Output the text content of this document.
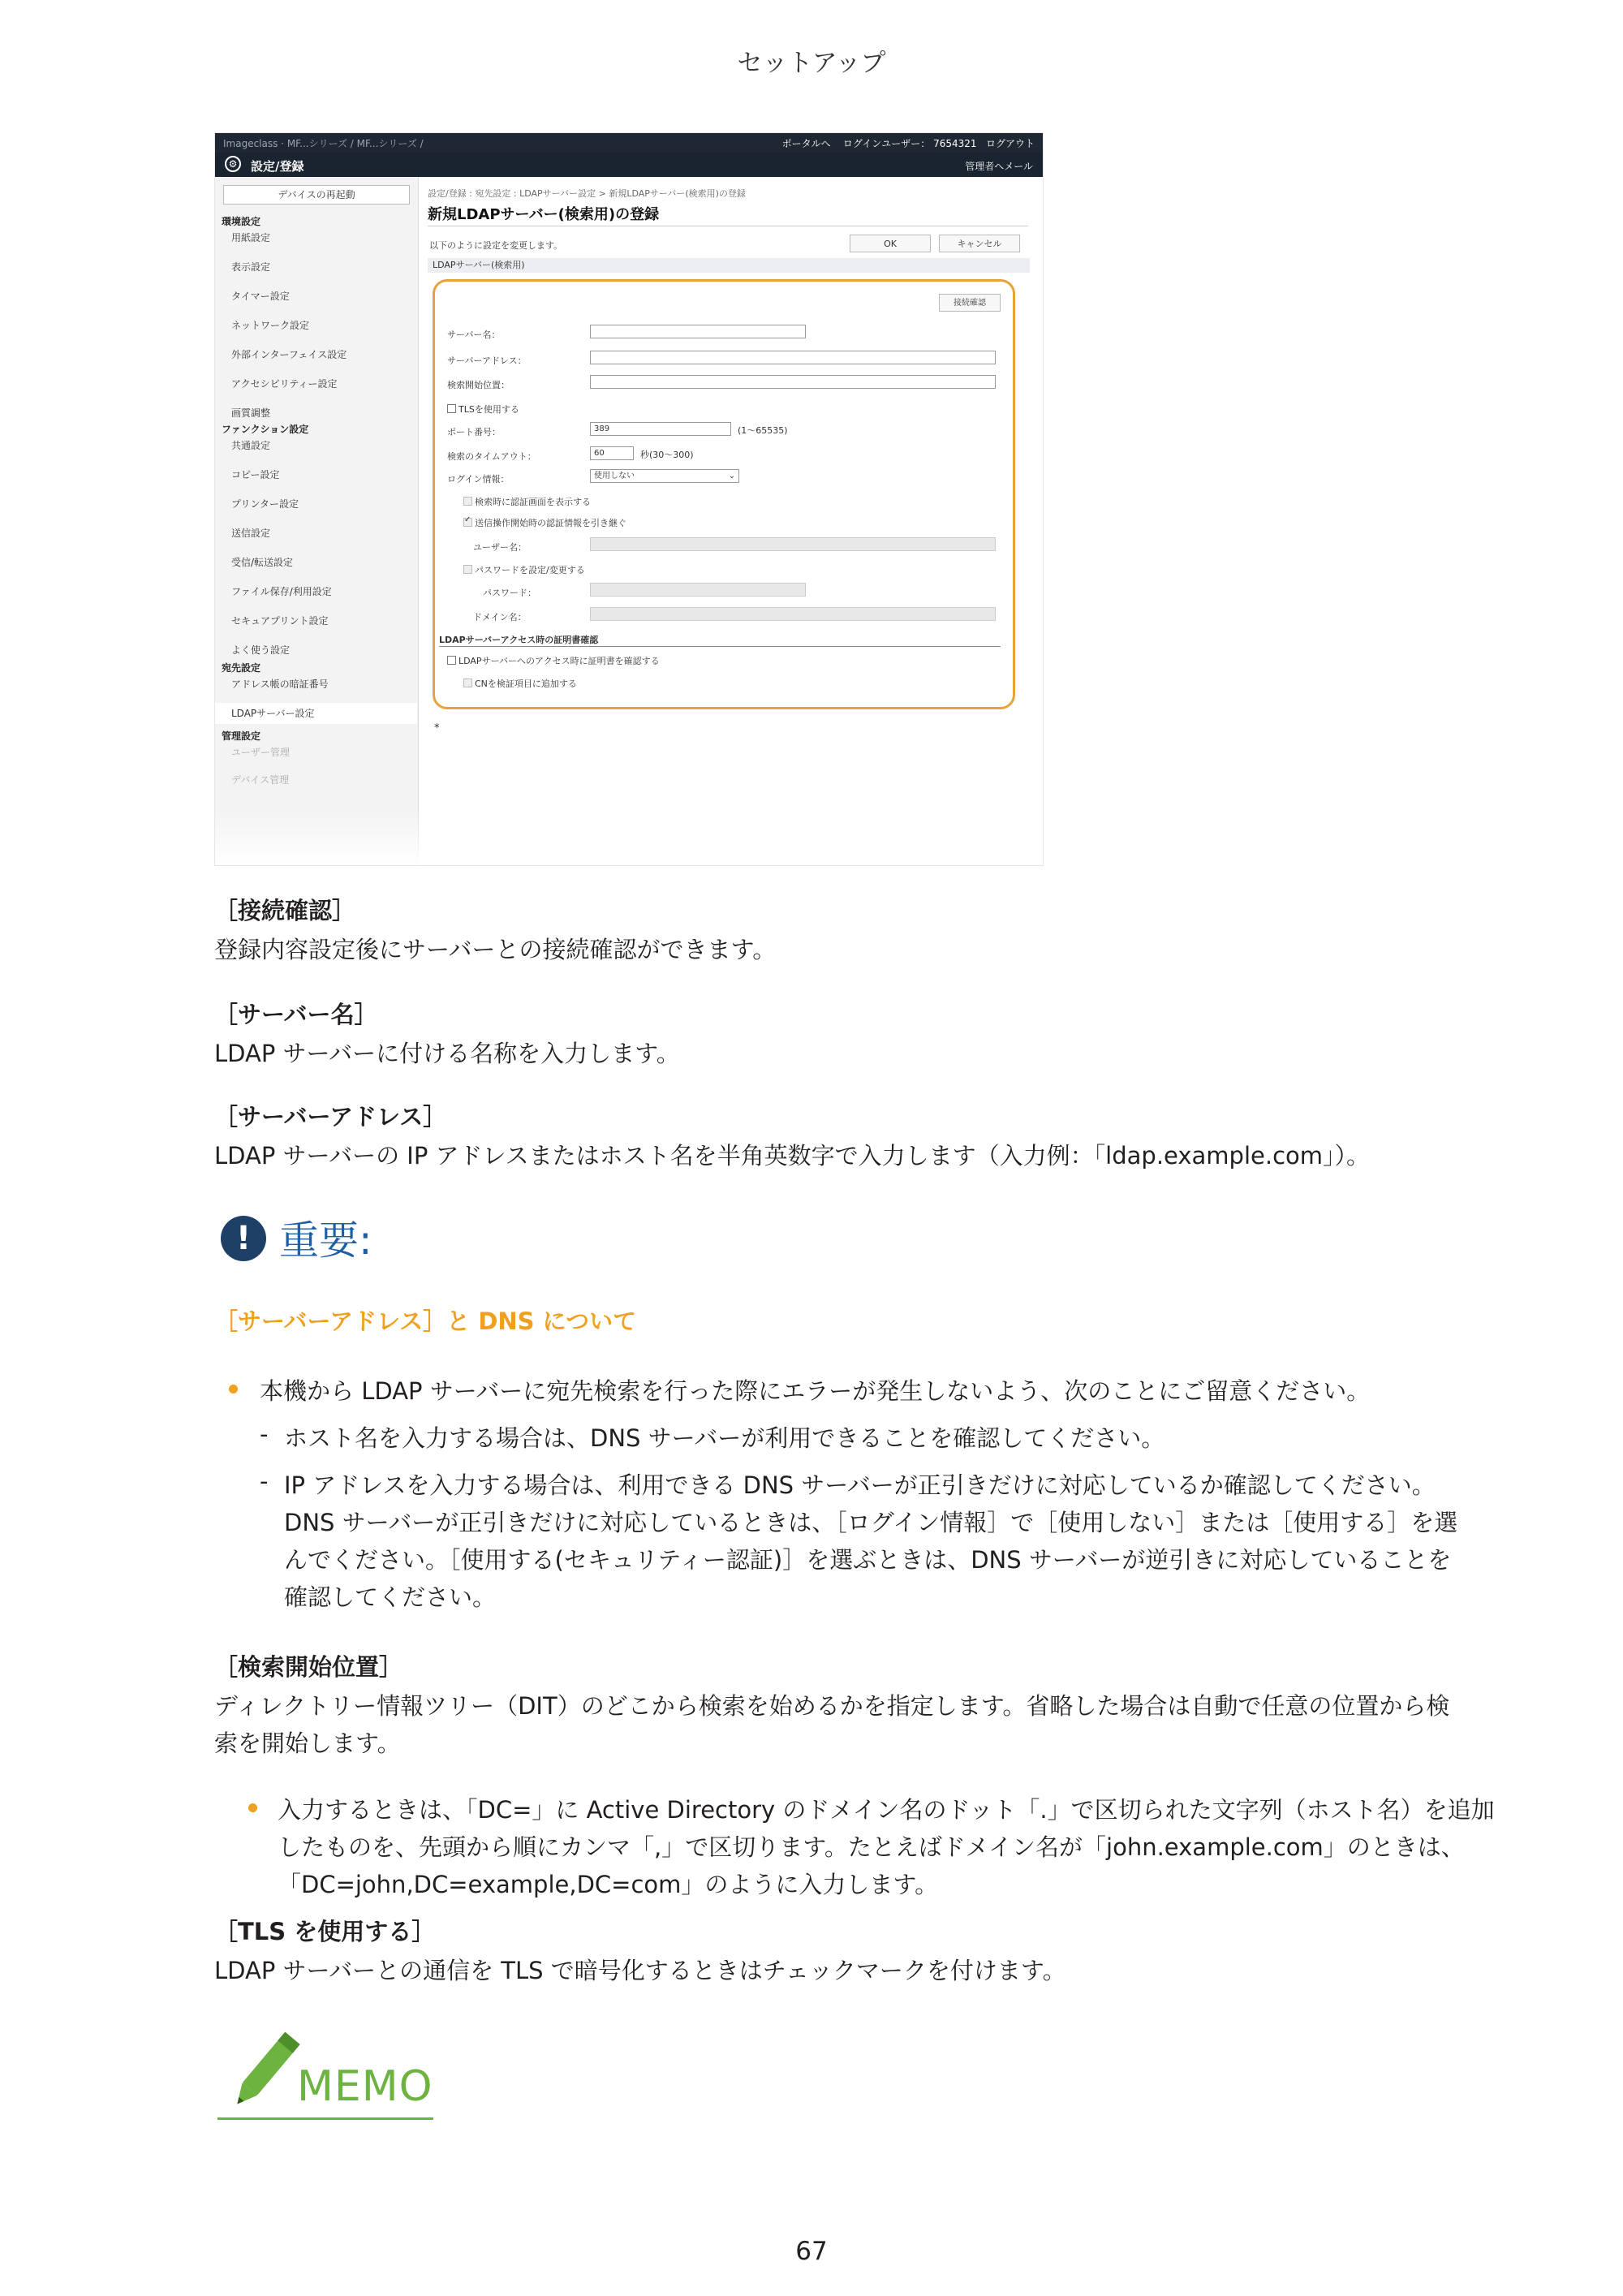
セットアップ
Imageclass · MF...シリーズ / MF...シリーズ /	ポータルへ ログインユーザー： 7654321 ログアウト
⚙	設定/登録	管理者へメール
デバイスの再起動
環境設定
用紙設定
表示設定
タイマー設定
ネットワーク設定
外部インターフェイス設定
アクセシビリティー設定
画質調整
ファンクション設定
共通設定
コピー設定
プリンター設定
送信設定
受信/転送設定
ファイル保存/利用設定
セキュアプリント設定
よく使う設定
宛先設定
アドレス帳の暗証番号
LDAPサーバー設定
管理設定
ユーザー管理
デバイス管理
設定/登録 : 宛先設定 : LDAPサーバー設定 > 新規LDAPサーバー(検索用)の登録
新規LDAPサーバー(検索用)の登録
以下のように設定を変更します。	OK	キャンセル
LDAPサーバー(検索用)
接続確認
サーバー名：
サーバーアドレス：
検索開始位置：
TLSを使用する
ポート番号：	389	(1～65535)
検索のタイムアウト：	60	秒(30～300)
ログイン情報：	使用しない	⌄
検索時に認証画面を表示する
✓ 送信操作開始時の認証情報を引き継ぐ
ユーザー名：
パスワードを設定/変更する
パスワード：
ドメイン名：
LDAPサーバーアクセス時の証明書確認
LDAPサーバーへのアクセス時に証明書を確認する
CNを検証項目に追加する
*
［接続確認］
登録内容設定後にサーバーとの接続確認ができます。
［サーバー名］
LDAP サーバーに付ける名称を入力します。
［サーバーアドレス］
LDAP サーバーの IP アドレスまたはホスト名を半角英数字で入力します（入力例：「ldap.example.com」）。
! 重要:
［サーバーアドレス］と DNS について
本機から LDAP サーバーに宛先検索を行った際にエラーが発生しないよう、次のことにご留意ください。
- ホスト名を入力する場合は、DNS サーバーが利用できることを確認してください。
- IP アドレスを入力する場合は、利用できる DNS サーバーが正引きだけに対応しているか確認してください。
DNS サーバーが正引きだけに対応しているときは、［ログイン情報］で［使用しない］または［使用する］を選
んでください。［使用する(セキュリティー認証)］を選ぶときは、DNS サーバーが逆引きに対応していることを
確認してください。
［検索開始位置］
ディレクトリー情報ツリー（DIT）のどこから検索を始めるかを指定します。省略した場合は自動で任意の位置から検
索を開始します。
入力するときは、「DC=」に Active Directory のドメイン名のドット「.」で区切られた文字列（ホスト名）を追加
したものを、先頭から順にカンマ「,」で区切ります。たとえばドメイン名が「john.example.com」のときは、
「DC=john,DC=example,DC=com」のように入力します。
［TLS を使用する］
LDAP サーバーとの通信を TLS で暗号化するときはチェックマークを付けます。
MEMO
67
